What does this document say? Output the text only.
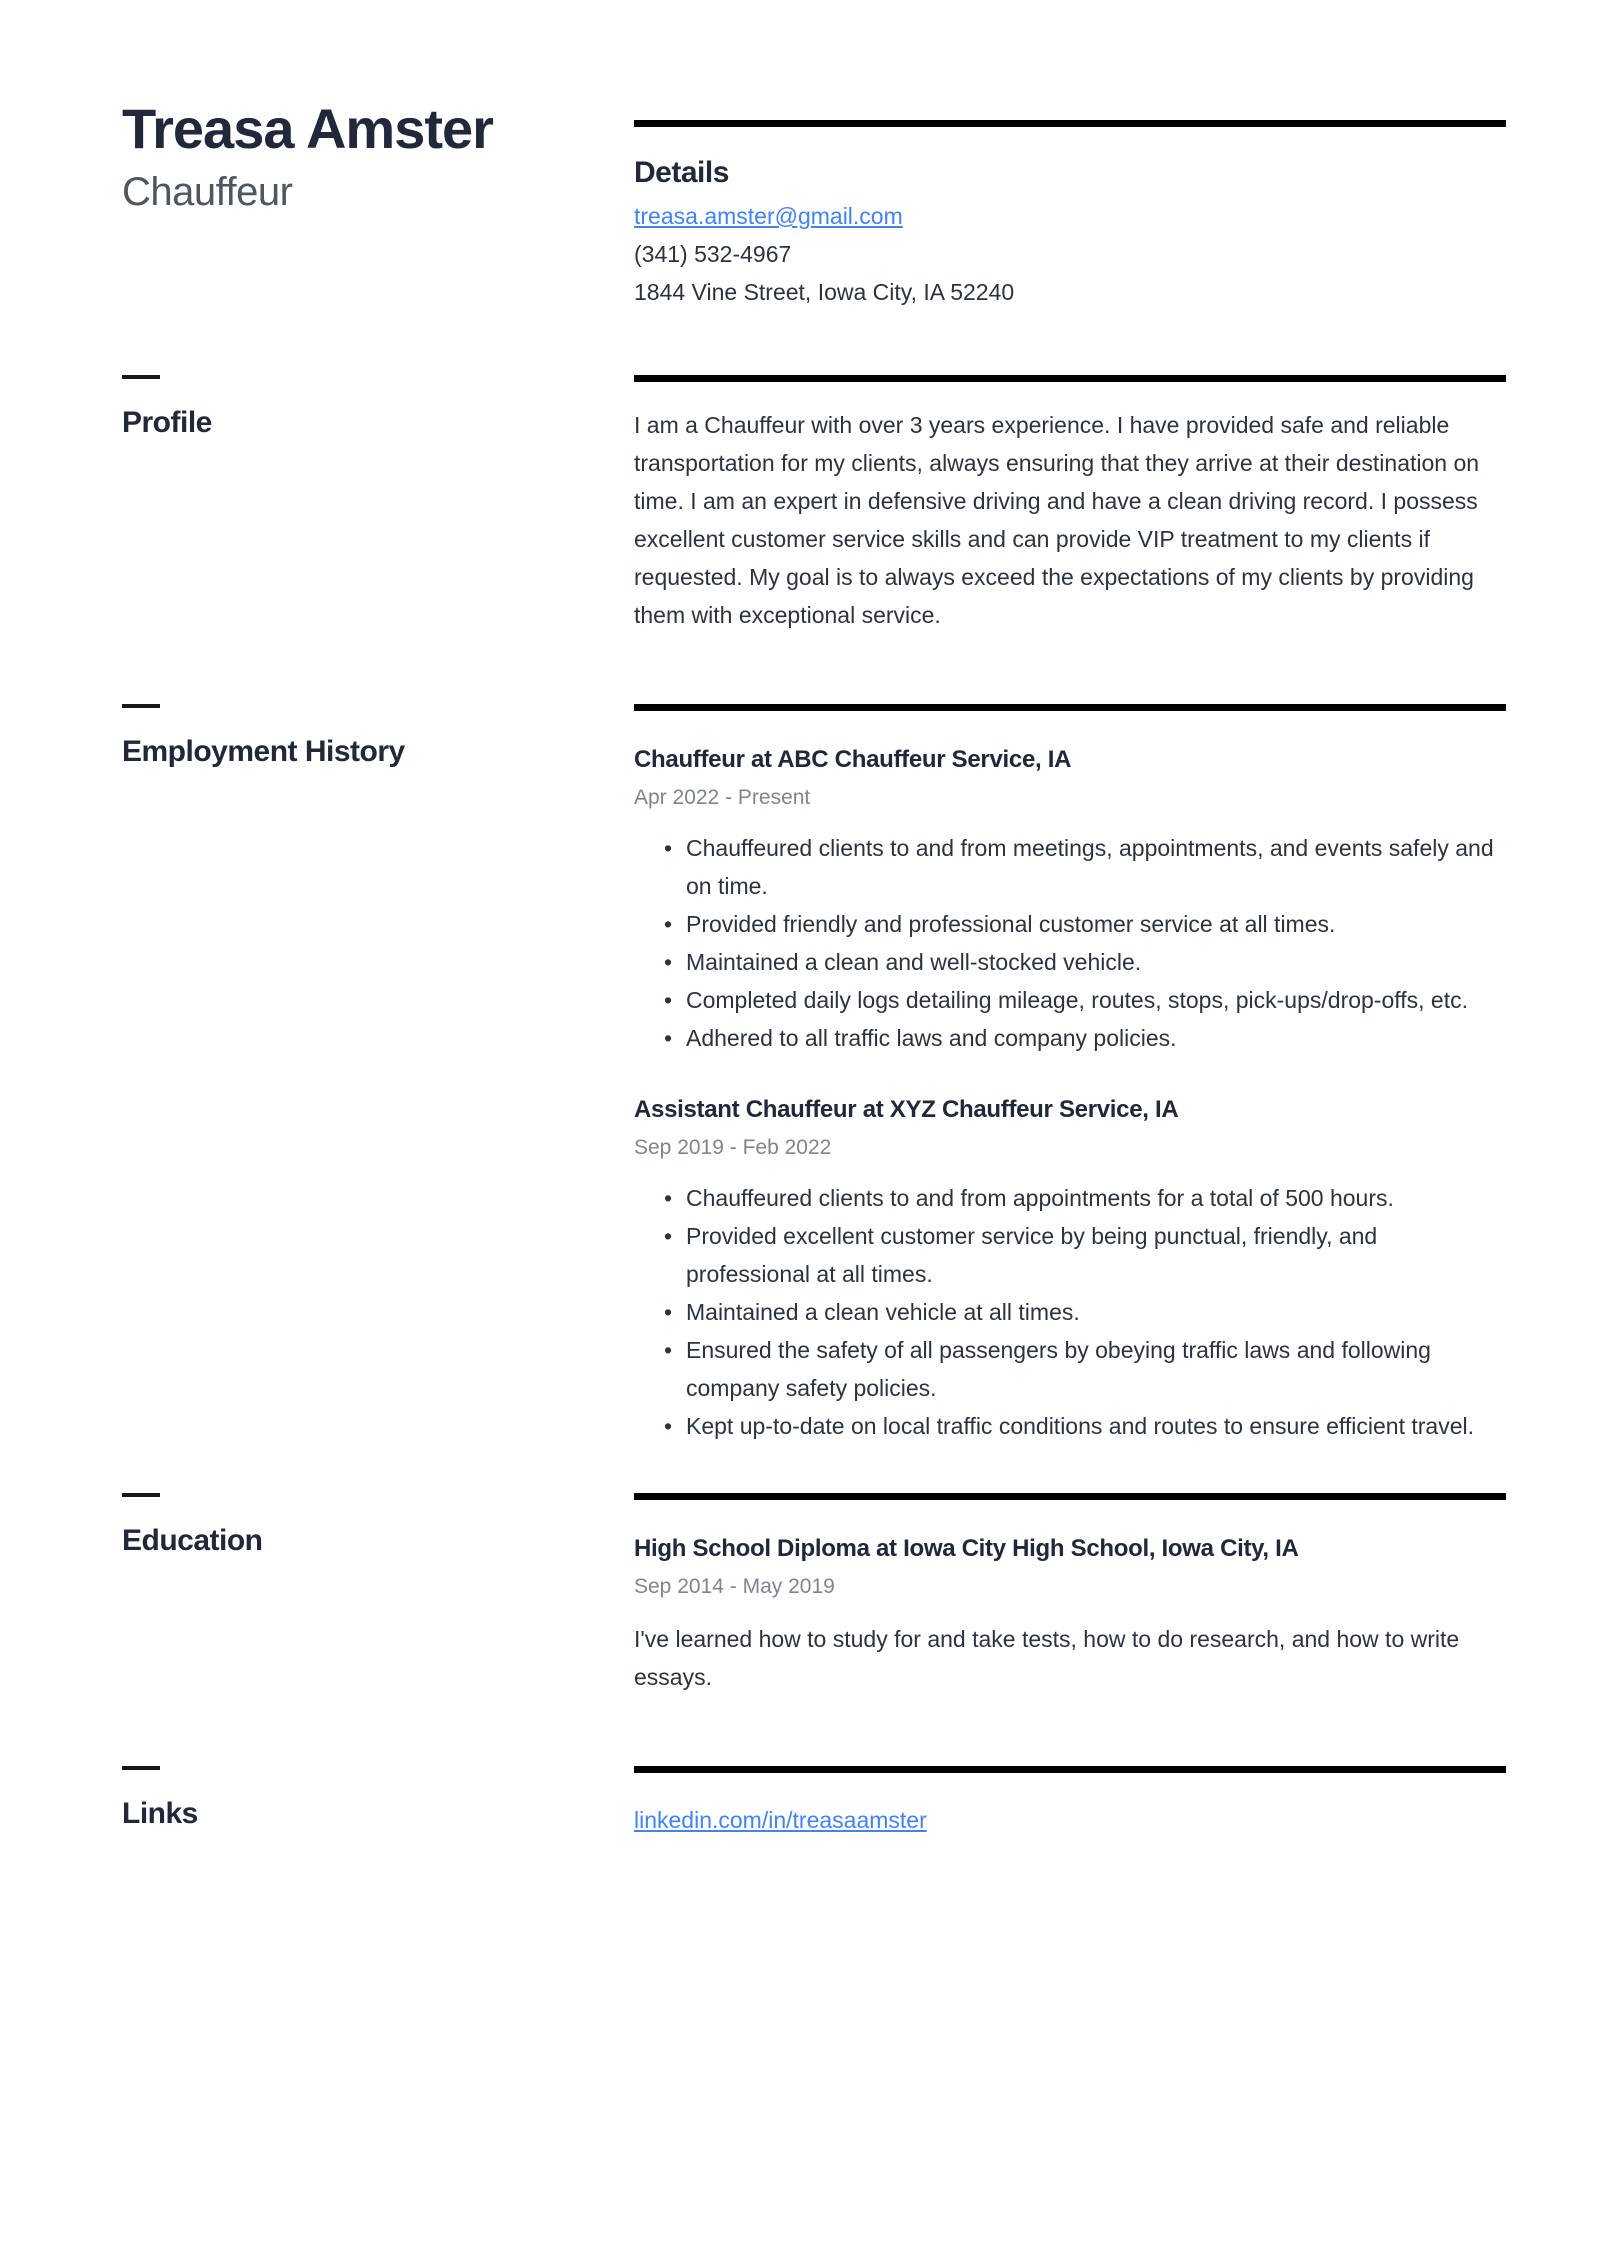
Treasa Amster
Chauffeur	Details
treasa.amster@gmail.com
(341) 532-4967
1844 Vine Street, Iowa City, IA 52240
Profile	I am a Chauffeur with over 3 years experience. I have provided safe and reliable transportation for my clients, always ensuring that they arrive at their destination on time. I am an expert in defensive driving and have a clean driving record. I possess excellent customer service skills and can provide VIP treatment to my clients if requested. My goal is to always exceed the expectations of my clients by providing them with exceptional service.

Employment History	Chauffeur at ABC Chauffeur Service, IA
Apr 2022 - Present
• Chauffeured clients to and from meetings, appointments, and events safely and on time.
• Provided friendly and professional customer service at all times.
• Maintained a clean and well-stocked vehicle.
• Completed daily logs detailing mileage, routes, stops, pick-ups/drop-offs, etc.
• Adhered to all traffic laws and company policies.
Assistant Chauffeur at XYZ Chauffeur Service, IA
Sep 2019 - Feb 2022
• Chauffeured clients to and from appointments for a total of 500 hours.
• Provided excellent customer service by being punctual, friendly, and professional at all times.
• Maintained a clean vehicle at all times.
• Ensured the safety of all passengers by obeying traffic laws and following company safety policies.
• Kept up-to-date on local traffic conditions and routes to ensure efficient travel.
Education	High School Diploma at Iowa City High School, Iowa City, IA
Sep 2014 - May 2019

I've learned how to study for and take tests, how to do research, and how to write essays.

Links	linkedin.com/in/treasaamster
